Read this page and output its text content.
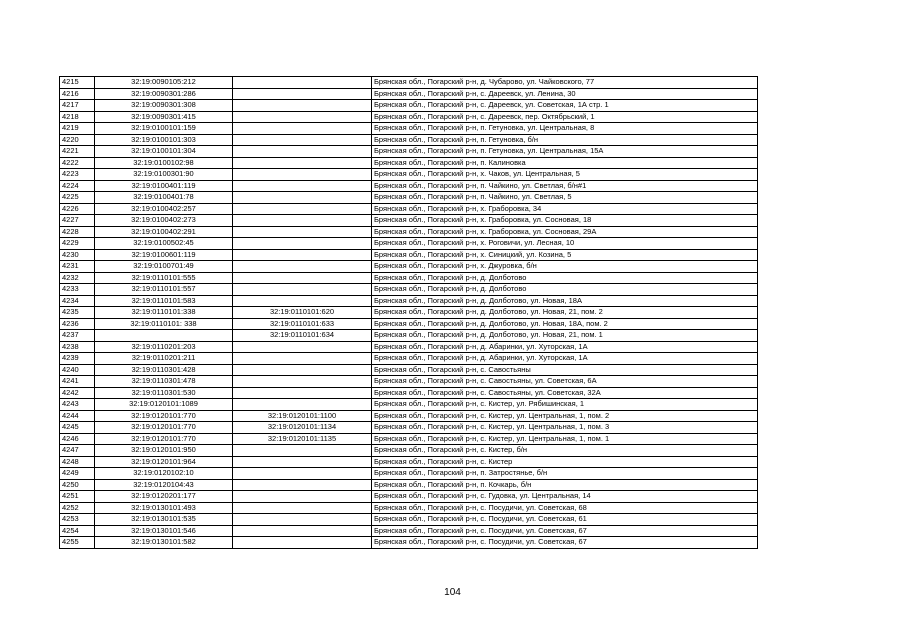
4215	32:19:0090105:212		Брянская обл., Погарский р-н, д. Чубарово, ул. Чайковского, 77
4216	32:19:0090301:286		Брянская обл., Погарский р-н, с. Дареевск, ул. Ленина, 30
4217	32:19:0090301:308		Брянская обл., Погарский р-н, с. Дареевск, ул. Советская, 1А стр. 1
4218	32:19:0090301:415		Брянская обл., Погарский р-н, с. Дареевск, пер. Октябрьский, 1
4219	32:19:0100101:159		Брянская обл., Погарский р-н, п. Гетуновка, ул. Центральная, 8
4220	32:19:0100101:303		Брянская обл., Погарский р-н, п. Гетуновка, б/н
4221	32:19:0100101:304		Брянская обл., Погарский р-н, п. Гетуновка, ул. Центральная, 15А
4222	32:19:0100102:98		Брянская обл., Погарский р-н, п. Калиновка
4223	32:19:0100301:90		Брянская обл., Погарский р-н, х. Чаков, ул. Центральная, 5
4224	32:19:0100401:119		Брянская обл., Погарский р-н, п. Чайкино, ул. Светлая, б/н#1
4225	32:19:0100401:78		Брянская обл., Погарский р-н, п. Чайкино, ул. Светлая, 5
4226	32:19:0100402:257		Брянская обл., Погарский р-н, х. Граборовка, 34
4227	32:19:0100402:273		Брянская обл., Погарский р-н, х. Граборовка, ул. Сосновая, 18
4228	32:19:0100402:291		Брянская обл., Погарский р-н, х. Граборовка, ул. Сосновая, 29А
4229	32:19:0100502:45		Брянская обл., Погарский р-н, х. Роговичи, ул. Лесная, 10
4230	32:19:0100601:119		Брянская обл., Погарский р-н, х. Синицкий, ул. Козина, 5
4231	32:19:0100701:49		Брянская обл., Погарский р-н, х. Джуровка, б/н
4232	32:19:0110101:555		Брянская обл., Погарский р-н, д. Долботово
4233	32:19:0110101:557		Брянская обл., Погарский р-н, д. Долботово
4234	32:19:0110101:583		Брянская обл., Погарский р-н, д. Долботово, ул. Новая, 18А
4235	32:19:0110101:338	32:19:0110101:620	Брянская обл., Погарский р-н, д. Долботово, ул. Новая, 21, пом. 2
4236	32:19:0110101: 338	32:19:0110101:633	Брянская обл., Погарский р-н, д. Долботово, ул. Новая, 18А, пом. 2
4237		32:19:0110101:634	Брянская обл., Погарский р-н, д. Долботово, ул. Новая, 21, пом. 1
4238	32:19:0110201:203		Брянская обл., Погарский р-н, д. Абаринки, ул. Хуторская, 1А
4239	32:19:0110201:211		Брянская обл., Погарский р-н, д. Абаринки, ул. Хуторская, 1А
4240	32:19:0110301:428		Брянская обл., Погарский р-н, с. Савостьяны
4241	32:19:0110301:478		Брянская обл., Погарский р-н, с. Савостьяны, ул. Советская, 6А
4242	32:19:0110301:530		Брянская обл., Погарский р-н, с. Савостьяны, ул. Советская, 32А
4243	32:19:0120101:1089		Брянская обл., Погарский р-н, с. Кистер, ул. Рябишинская, 1
4244	32:19:0120101:770	32:19:0120101:1100	Брянская обл., Погарский р-н, с. Кистер, ул. Центральная, 1, пом. 2
4245	32:19:0120101:770	32:19:0120101:1134	Брянская обл., Погарский р-н, с. Кистер, ул. Центральная, 1, пом. 3
4246	32:19:0120101:770	32:19:0120101:1135	Брянская обл., Погарский р-н, с. Кистер, ул. Центральная, 1, пом. 1
4247	32:19:0120101:950		Брянская обл., Погарский р-н, с. Кистер, б/н
4248	32:19:0120101:964		Брянская обл., Погарский р-н, с. Кистер
4249	32:19:0120102:10		Брянская обл., Погарский р-н, п. Затростянье, б/н
4250	32:19:0120104:43		Брянская обл., Погарский р-н, п. Кочкарь, б/н
4251	32:19:0120201:177		Брянская обл., Погарский р-н, с. Гудовка, ул. Центральная, 14
4252	32:19:0130101:493		Брянская обл., Погарский р-н, с. Посудичи, ул. Советская, 68
4253	32:19:0130101:535		Брянская обл., Погарский р-н, с. Посудичи, ул. Советская, 61
4254	32:19:0130101:546		Брянская обл., Погарский р-н, с. Посудичи, ул. Советская, 67
4255	32:19:0130101:582		Брянская обл., Погарский р-н, с. Посудичи, ул. Советская, 67
104
